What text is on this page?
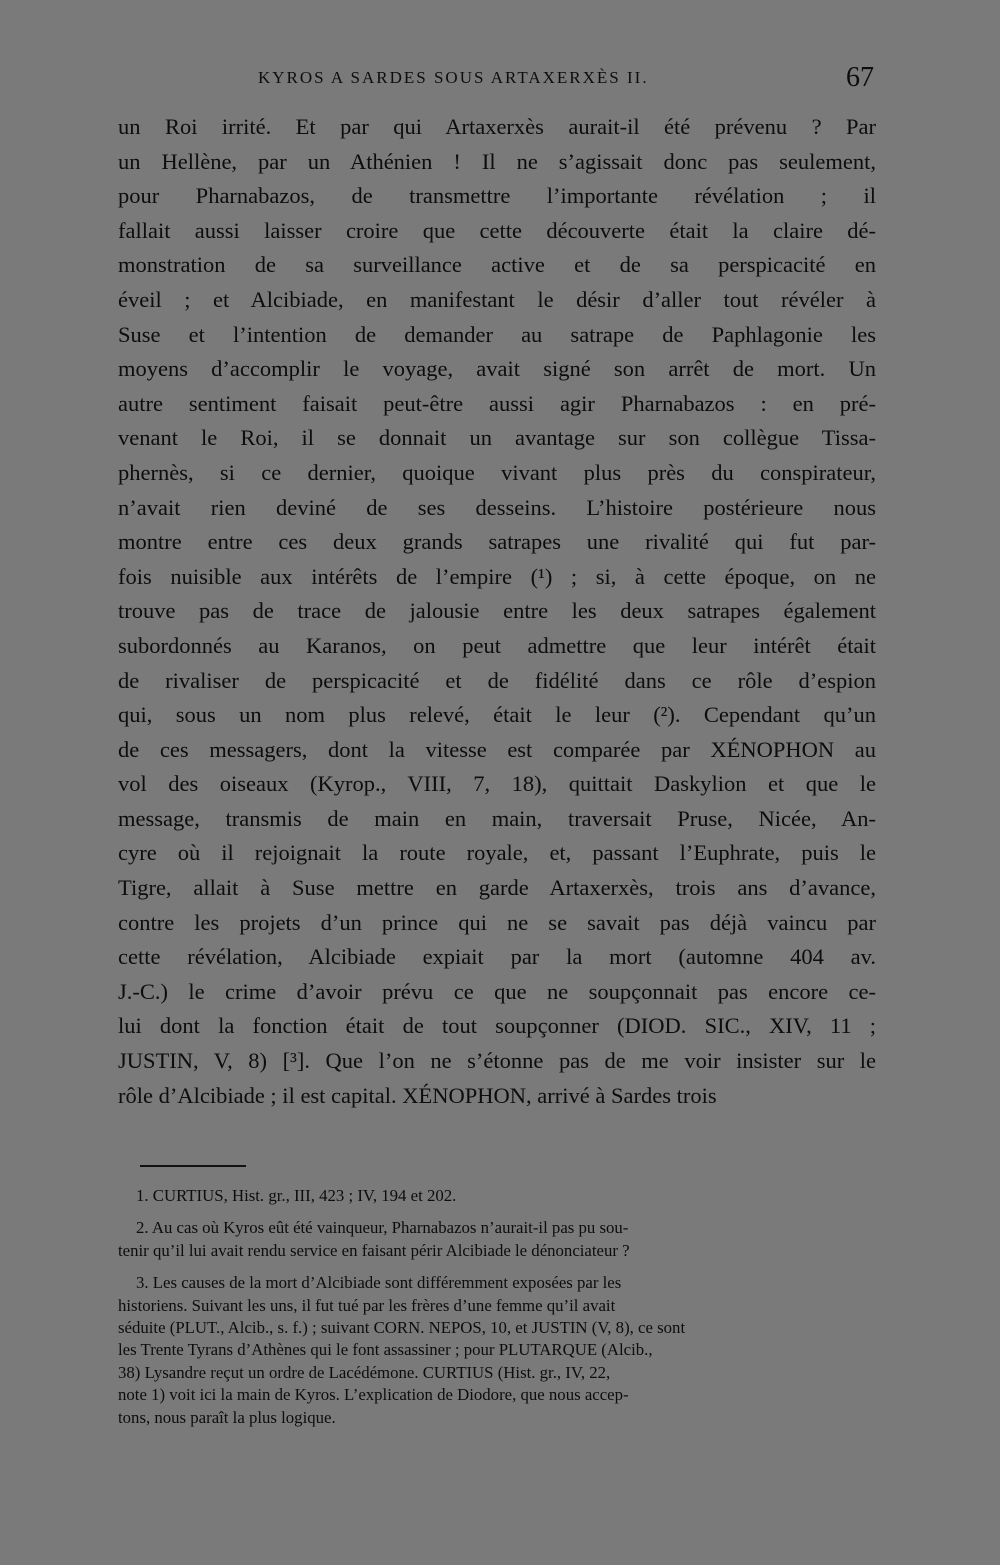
KYROS A SARDES SOUS ARTAXERXÈS II.	67
un Roi irrité. Et par qui Artaxerxès aurait-il été prévenu ? Par
un Hellène, par un Athénien ! Il ne s’agissait donc pas seulement,
pour Pharnabazos, de transmettre l’importante révélation ; il
fallait aussi laisser croire que cette découverte était la claire dé-
monstration de sa surveillance active et de sa perspicacité en
éveil ; et Alcibiade, en manifestant le désir d’aller tout révéler à
Suse et l’intention de demander au satrape de Paphlagonie les
moyens d’accomplir le voyage, avait signé son arrêt de mort. Un
autre sentiment faisait peut-être aussi agir Pharnabazos : en pré-
venant le Roi, il se donnait un avantage sur son collègue Tissa-
phernès, si ce dernier, quoique vivant plus près du conspirateur,
n’avait rien deviné de ses desseins. L’histoire postérieure nous
montre entre ces deux grands satrapes une rivalité qui fut par-
fois nuisible aux intérêts de l’empire (¹) ; si, à cette époque, on ne
trouve pas de trace de jalousie entre les deux satrapes également
subordonnés au Karanos, on peut admettre que leur intérêt était
de rivaliser de perspicacité et de fidélité dans ce rôle d’espion
qui, sous un nom plus relevé, était le leur (²). Cependant qu’un
de ces messagers, dont la vitesse est comparée par XÉNOPHON au
vol des oiseaux (Kyrop., VIII, 7, 18), quittait Daskylion et que le
message, transmis de main en main, traversait Pruse, Nicée, An-
cyre où il rejoignait la route royale, et, passant l’Euphrate, puis le
Tigre, allait à Suse mettre en garde Artaxerxès, trois ans d’avance,
contre les projets d’un prince qui ne se savait pas déjà vaincu par
cette révélation, Alcibiade expiait par la mort (automne 404 av.
J.-C.) le crime d’avoir prévu ce que ne soupçonnait pas encore ce-
lui dont la fonction était de tout soupçonner (DIOD. SIC., XIV, 11 ;
JUSTIN, V, 8) [³]. Que l’on ne s’étonne pas de me voir insister sur le
rôle d’Alcibiade ; il est capital. XÉNOPHON, arrivé à Sardes trois
1. CURTIUS, Hist. gr., III, 423 ; IV, 194 et 202.
2. Au cas où Kyros eût été vainqueur, Pharnabazos n’aurait-il pas pu sou-
tenir qu’il lui avait rendu service en faisant périr Alcibiade le dénonciateur ?
3. Les causes de la mort d’Alcibiade sont différemment exposées par les
historiens. Suivant les uns, il fut tué par les frères d’une femme qu’il avait
séduite (PLUT., Alcib., s. f.) ; suivant CORN. NEPOS, 10, et JUSTIN (V, 8), ce sont
les Trente Tyrans d’Athènes qui le font assassiner ; pour PLUTARQUE (Alcib.,
38) Lysandre reçut un ordre de Lacédémone. CURTIUS (Hist. gr., IV, 22,
note 1) voit ici la main de Kyros. L’explication de Diodore, que nous accep-
tons, nous paraît la plus logique.
